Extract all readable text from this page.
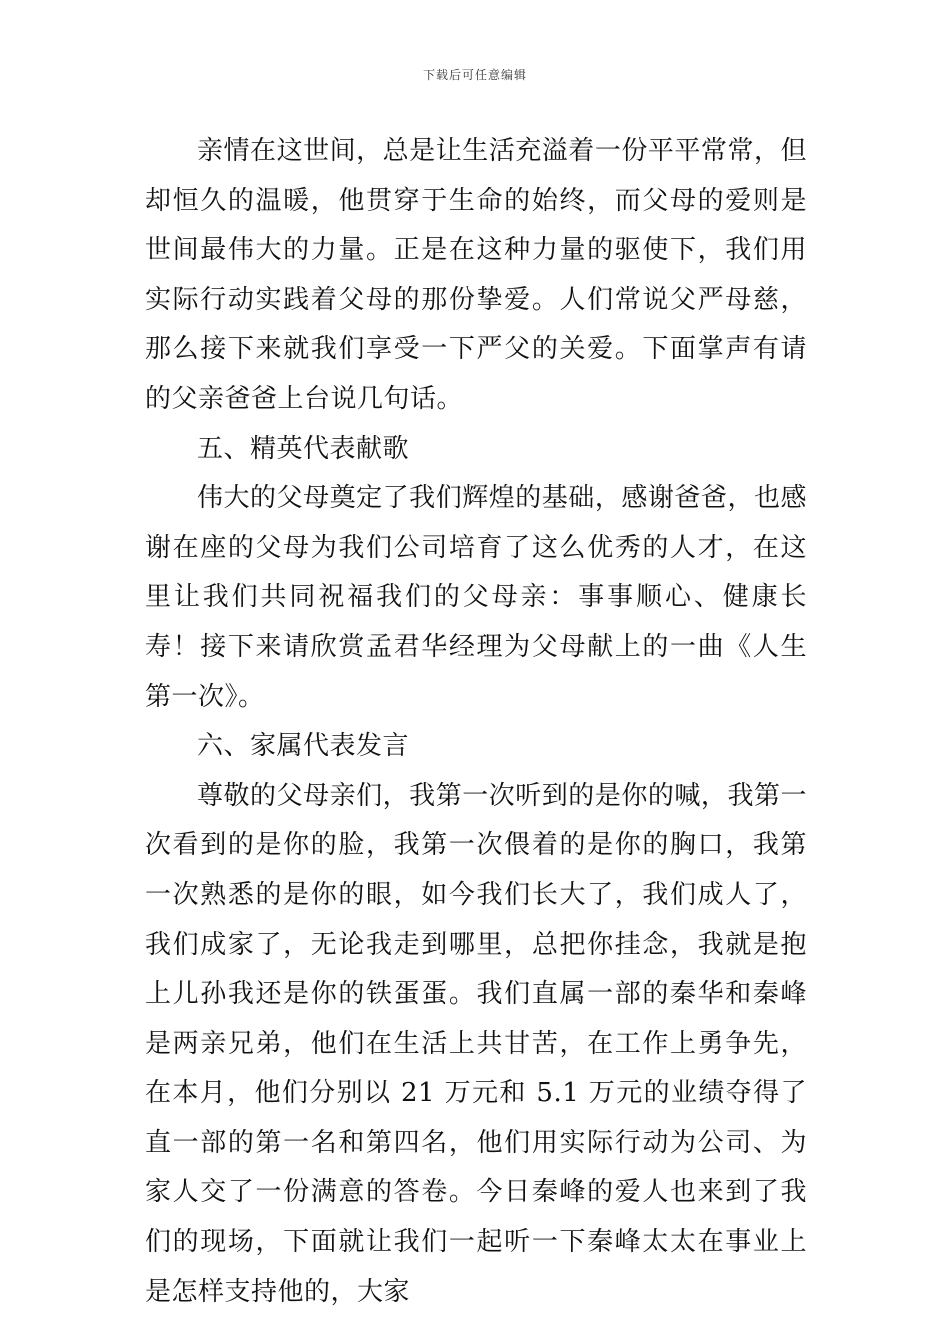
下载后可任意编辑

亲情在这世间，总是让生活充溢着一份平平常常，但却恒久的温暖，他贯穿于生命的始终，而父母的爱则是世间最伟大的力量。正是在这种力量的驱使下，我们用实际行动实践着父母的那份挚爱。人们常说父严母慈，那么接下来就我们享受一下严父的关爱。下面掌声有请的父亲爸爸上台说几句话。

五、精英代表献歌

伟大的父母奠定了我们辉煌的基础，感谢爸爸，也感谢在座的父母为我们公司培育了这么优秀的人才，在这里让我们共同祝福我们的父母亲：事事顺心、健康长寿！接下来请欣赏孟君华经理为父母献上的一曲《人生第一次》。

六、家属代表发言

尊敬的父母亲们，我第一次听到的是你的喊，我第一次看到的是你的脸，我第一次偎着的是你的胸口，我第一次熟悉的是你的眼，如今我们长大了，我们成人了，我们成家了，无论我走到哪里，总把你挂念，我就是抱上儿孙我还是你的铁蛋蛋。我们直属一部的秦华和秦峰是两亲兄弟，他们在生活上共甘苦，在工作上勇争先，在本月，他们分别以 21 万元和 5.1 万元的业绩夺得了直一部的第一名和第四名，他们用实际行动为公司、为家人交了一份满意的答卷。今日秦峰的爱人也来到了我们的现场，下面就让我们一起听一下秦峰太太在事业上是怎样支持他的，大家
